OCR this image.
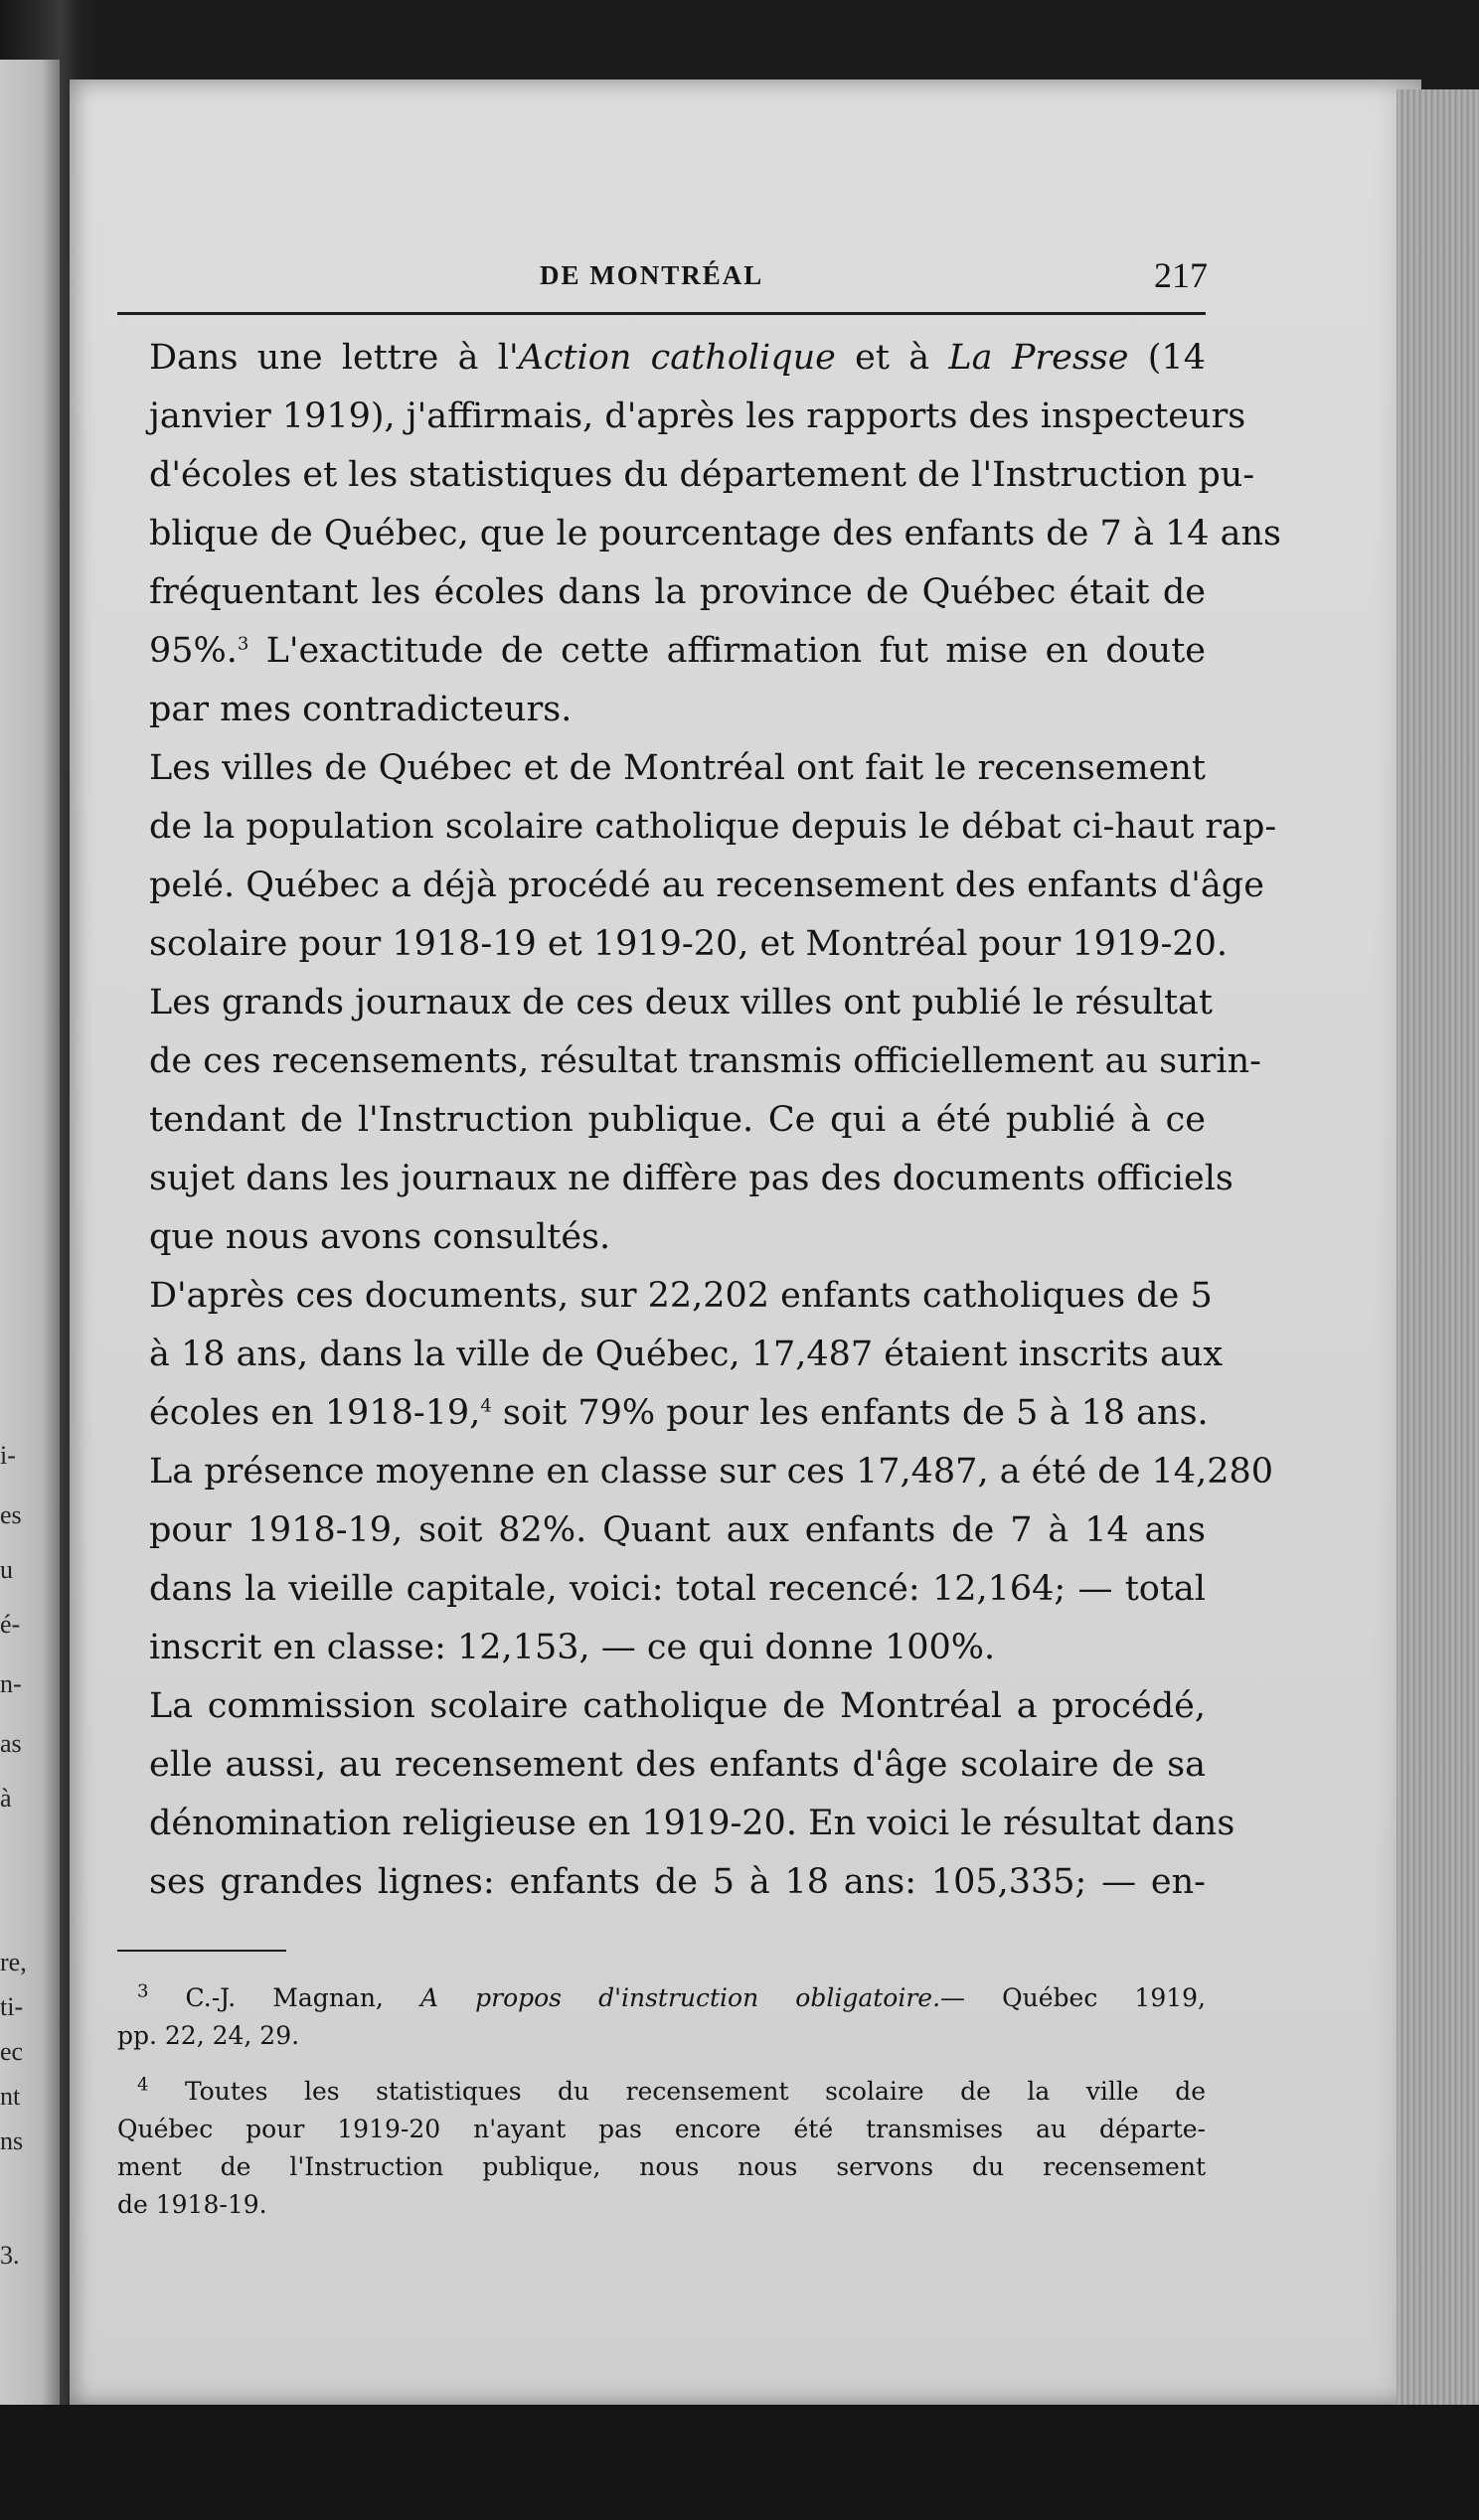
i-
es
u
é-
n-
as
à
re,
ti-
ec
nt
ns
3.
DE MONTRÉAL	217

Dans une lettre à l'Action catholique et à La Presse (14
janvier 1919), j'affirmais, d'après les rapports des inspecteurs
d'écoles et les statistiques du département de l'Instruction pu-
blique de Québec, que le pourcentage des enfants de 7 à 14 ans
fréquentant les écoles dans la province de Québec était de
95%.$^3$ L'exactitude de cette affirmation fut mise en doute
par mes contradicteurs.

Les villes de Québec et de Montréal ont fait le recensement
de la population scolaire catholique depuis le débat ci-haut rap-
pelé. Québec a déjà procédé au recensement des enfants d'âge
scolaire pour 1918-19 et 1919-20, et Montréal pour 1919-20.
Les grands journaux de ces deux villes ont publié le résultat
de ces recensements, résultat transmis officiellement au surin-
tendant de l'Instruction publique. Ce qui a été publié à ce
sujet dans les journaux ne diffère pas des documents officiels
que nous avons consultés.

D'après ces documents, sur 22,202 enfants catholiques de 5
à 18 ans, dans la ville de Québec, 17,487 étaient inscrits aux
écoles en 1918-19,$^4$ soit 79% pour les enfants de 5 à 18 ans.
La présence moyenne en classe sur ces 17,487, a été de 14,280
pour 1918-19, soit 82%. Quant aux enfants de 7 à 14 ans
dans la vieille capitale, voici: total recencé: 12,164; — total
inscrit en classe: 12,153, — ce qui donne 100%.

La commission scolaire catholique de Montréal a procédé,
elle aussi, au recensement des enfants d'âge scolaire de sa
dénomination religieuse en 1919-20. En voici le résultat dans
ses grandes lignes: enfants de 5 à 18 ans: 105,335; — en-

$^3$ C.-J. Magnan, A propos d'instruction obligatoire.— Québec 1919,
pp. 22, 24, 29.

$^4$ Toutes les statistiques du recensement scolaire de la ville de
Québec pour 1919-20 n'ayant pas encore été transmises au départe-
ment de l'Instruction publique, nous nous servons du recensement
de 1918-19.
